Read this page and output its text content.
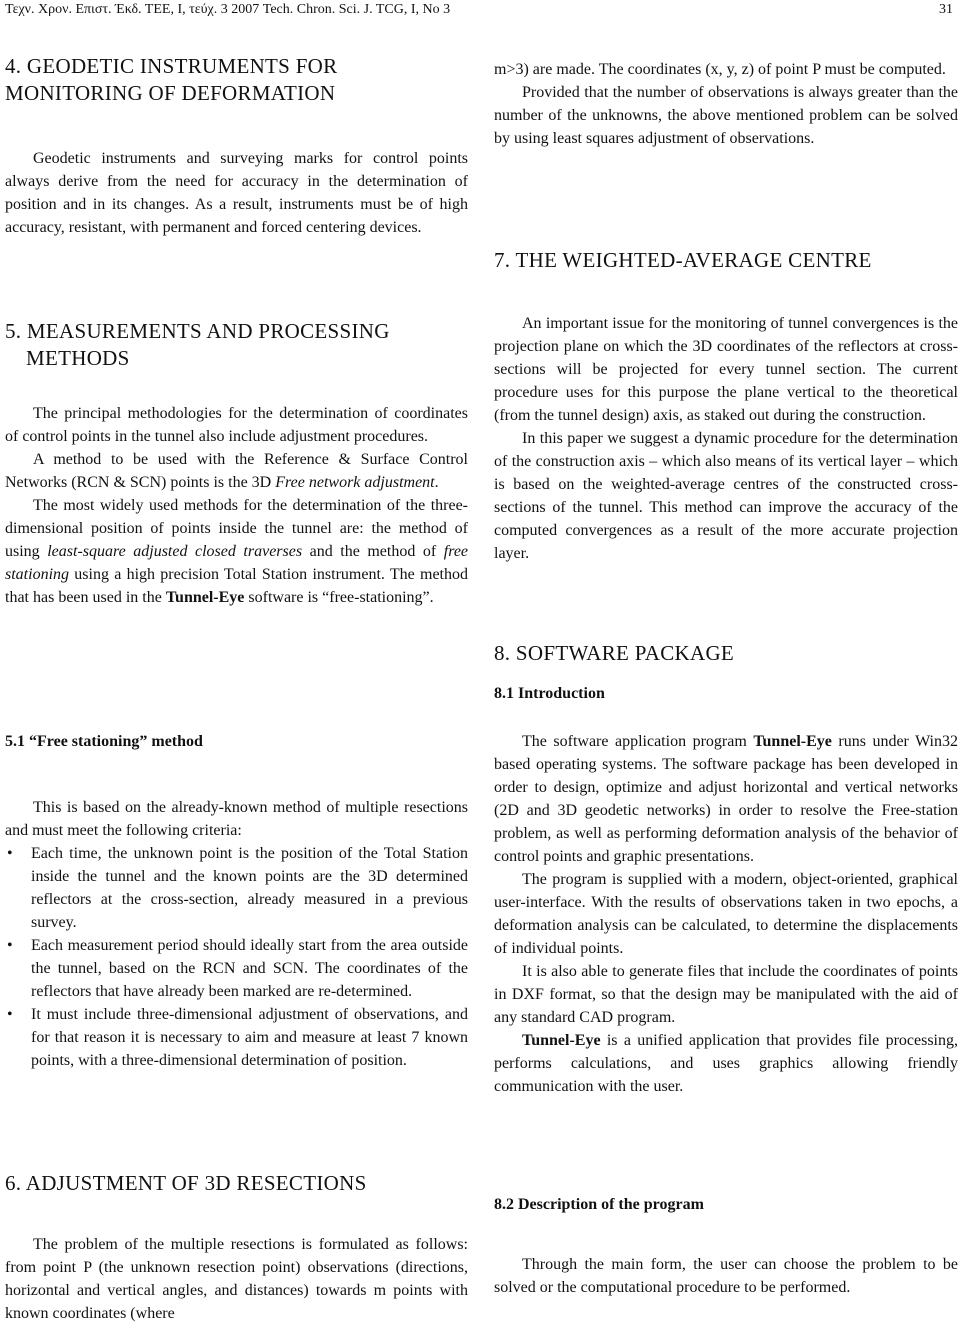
Τεχν. Χρον. Επιστ. Έκδ. ΤΕΕ, I, τεύχ. 3 2007 Tech. Chron. Sci. J. TCG, I, No 3	31
4. GEODETIC INSTRUMENTS FOR
MONITORING OF DEFORMATION

Geodetic instruments and surveying marks for control points always derive from the need for accuracy in the determination of position and in its changes. As a result, instruments must be of high accuracy, resistant, with permanent and forced centering devices.

5. MEASUREMENTS AND PROCESSING
METHODS

The principal methodologies for the determination of coordinates of control points in the tunnel also include adjustment procedures.

A method to be used with the Reference & Surface Control Networks (RCN & SCN) points is the 3D Free network adjustment.

The most widely used methods for the determination of the three-dimensional position of points inside the tunnel are: the method of using least-square adjusted closed traverses and the method of free stationing using a high precision Total Station instrument. The method that has been used in the Tunnel-Eye software is “free-stationing”.

5.1 “Free stationing” method

This is based on the already-known method of multiple resections and must meet the following criteria:

• Each time, the unknown point is the position of the Total Station inside the tunnel and the known points are the 3D determined reflectors at the cross-section, already measured in a previous survey.
• Each measurement period should ideally start from the area outside the tunnel, based on the RCN and SCN. The coordinates of the reflectors that have already been marked are re-determined.
• It must include three-dimensional adjustment of observations, and for that reason it is necessary to aim and measure at least 7 known points, with a three-dimensional determination of position.
6. ADJUSTMENT OF 3D RESECTIONS

The problem of the multiple resections is formulated as follows: from point P (the unknown resection point) observations (directions, horizontal and vertical angles, and distances) towards m points with known coordinates (where

m>3) are made. The coordinates (x, y, z) of point P must be computed.

Provided that the number of observations is always greater than the number of the unknowns, the above mentioned problem can be solved by using least squares adjustment of observations.

7. THE WEIGHTED-AVERAGE CENTRE

An important issue for the monitoring of tunnel convergences is the projection plane on which the 3D coordinates of the reflectors at cross-sections will be projected for every tunnel section. The current procedure uses for this purpose the plane vertical to the theoretical (from the tunnel design) axis, as staked out during the construction.

In this paper we suggest a dynamic procedure for the determination of the construction axis – which also means of its vertical layer – which is based on the weighted-average centres of the constructed cross-sections of the tunnel. This method can improve the accuracy of the computed convergences as a result of the more accurate projection layer.

8. SOFTWARE PACKAGE
8.1 Introduction

The software application program Tunnel-Eye runs under Win32 based operating systems. The software package has been developed in order to design, optimize and adjust horizontal and vertical networks (2D and 3D geodetic networks) in order to resolve the Free-station problem, as well as performing deformation analysis of the behavior of control points and graphic presentations.

The program is supplied with a modern, object-oriented, graphical user-interface. With the results of observations taken in two epochs, a deformation analysis can be calculated, to determine the displacements of individual points.

It is also able to generate files that include the coordinates of points in DXF format, so that the design may be manipulated with the aid of any standard CAD program.

Tunnel-Eye is a unified application that provides file processing, performs calculations, and uses graphics allowing friendly communication with the user.

8.2 Description of the program

Through the main form, the user can choose the problem to be solved or the computational procedure to be performed.
